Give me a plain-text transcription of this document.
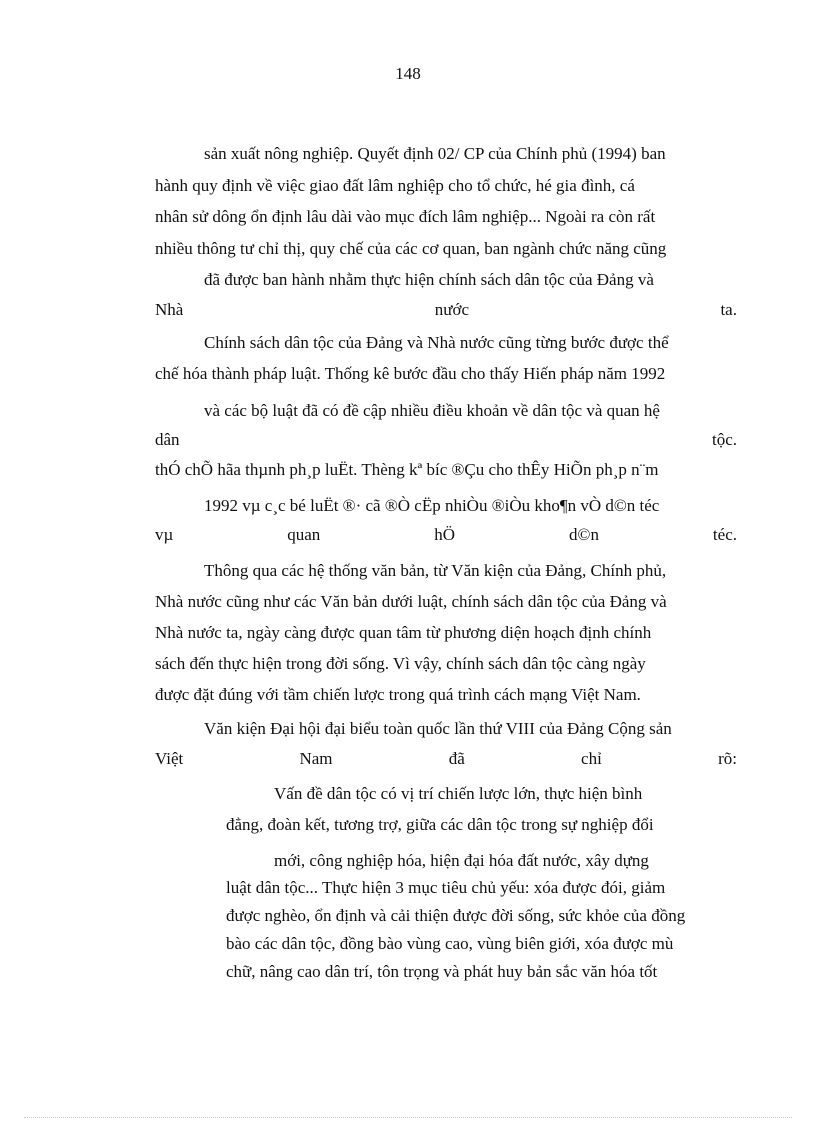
148
sản xuất nông nghiệp. Quyết định 02/ CP của Chính phủ (1994) ban
hành quy định về việc giao đất lâm nghiệp cho tổ chức, hé gia đình, cá
nhân sử dông ổn định lâu dài vào mục đích lâm nghiệp... Ngoài ra còn rất
nhiều thông tư chỉ thị, quy chế của các cơ quan, ban ngành chức năng cũng
đã được ban hành nhằm thực hiện chính sách dân tộc của Đảng và
Nhà	nước	ta.
Chính sách dân tộc của Đảng và Nhà nước cũng từng bước được thể
chế hóa thành pháp luật. Thống kê bước đầu cho thấy Hiến pháp năm 1992
và các bộ luật đã có đề cập nhiều điều khoản về dân tộc và quan hệ
dân	tộc.
thÓ chÕ hãa thµnh ph¸p luËt. Thèng kª bíc ®Çu cho thÊy HiÕn ph¸p n¨m
1992 vµ c¸c bé luËt ®· cã ®Ò cËp nhiÒu ®iÒu kho¶n vÒ d©n téc
vµ	quan	hÖ	d©n	téc.
Thông qua các hệ thống văn bản, từ Văn kiện của Đảng, Chính phủ,
Nhà nước cũng như các Văn bản dưới luật, chính sách dân tộc của Đảng và
Nhà nước ta, ngày càng được quan tâm từ phương diện hoạch định chính
sách đến thực hiện trong đời sống. Vì vậy, chính sách dân tộc càng ngày
được đặt đúng với tầm chiến lược trong quá trình cách mạng Việt Nam.
Văn kiện Đại hội đại biểu toàn quốc lần thứ VIII của Đảng Cộng sản
Việt	Nam	đã	chỉ	rõ:
Vấn đề dân tộc có vị trí chiến lược lớn, thực hiện bình
đẳng, đoàn kết, tương trợ, giữa các dân tộc trong sự nghiệp đổi
mới, công nghiệp hóa, hiện đại hóa đất nước, xây dựng
luật dân tộc... Thực hiện 3 mục tiêu chủ yếu: xóa được đói, giảm
được nghèo, ổn định và cải thiện được đời sống, sức khỏe của đồng
bào các dân tộc, đồng bào vùng cao, vùng biên giới, xóa được mù
chữ, nâng cao dân trí, tôn trọng và phát huy bản sắc văn hóa tốt
